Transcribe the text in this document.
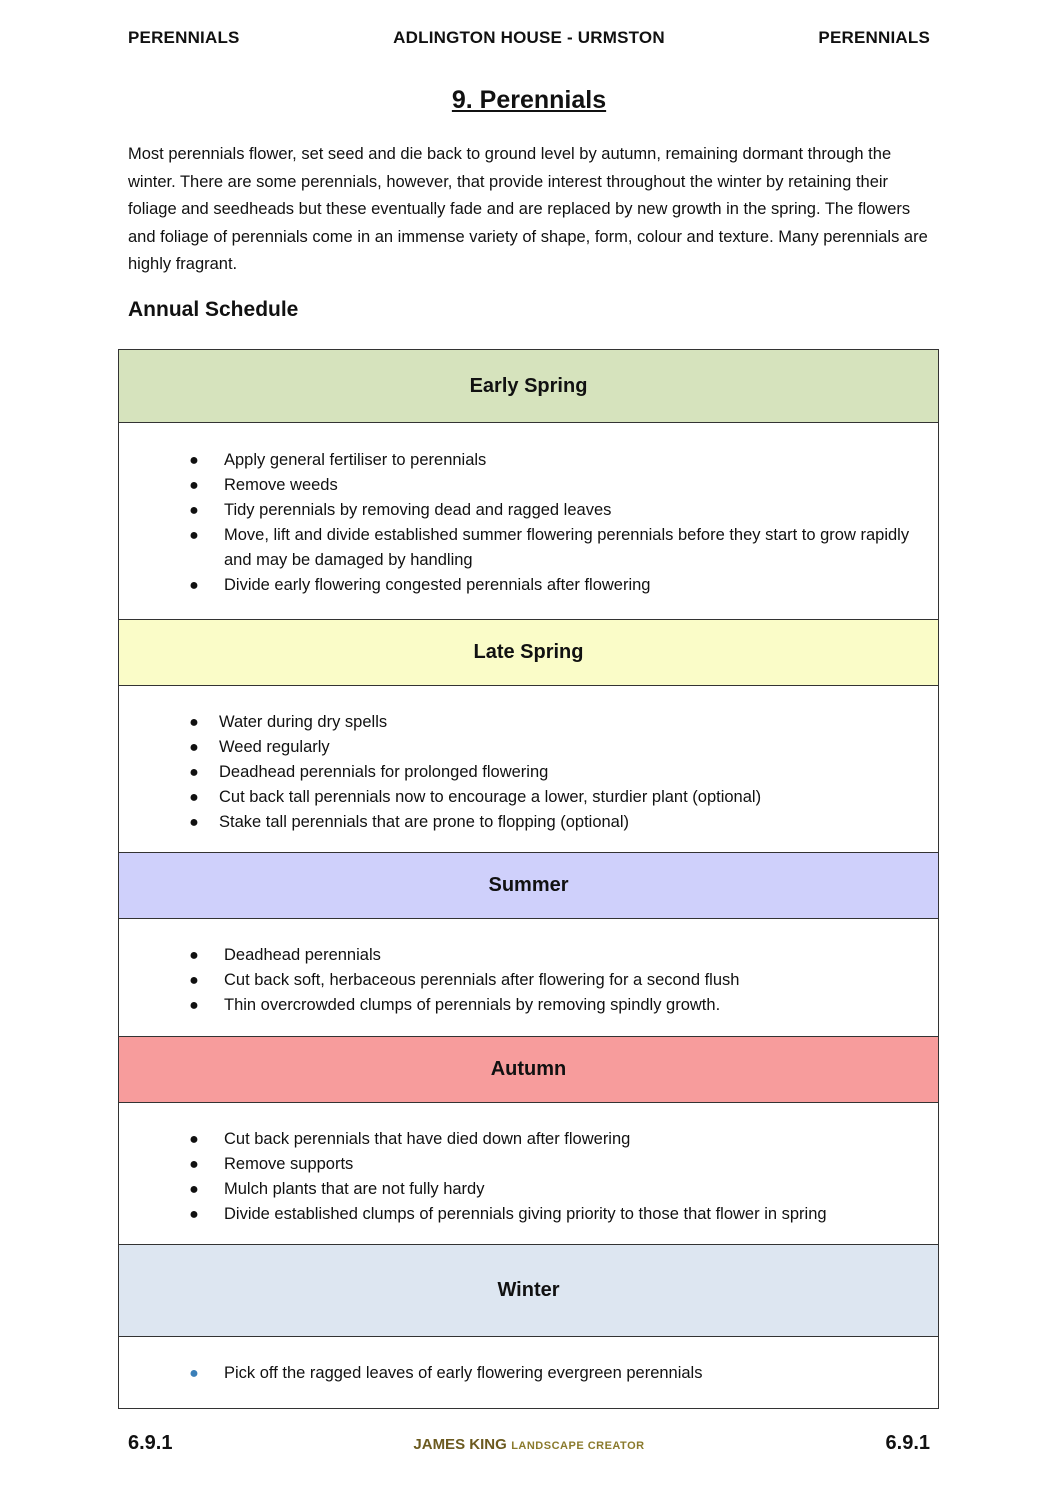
PERENNIALS	ADLINGTON HOUSE - URMSTON	PERENNIALS
9. Perennials
Most perennials flower, set seed and die back to ground level by autumn, remaining dormant through the winter. There are some perennials, however, that provide interest throughout the winter by retaining their foliage and seedheads but these eventually fade and are replaced by new growth in the spring. The flowers and foliage of perennials come in an immense variety of shape, form, colour and texture. Many perennials are highly fragrant.
Annual Schedule
Early Spring
● Apply general fertiliser to perennials
● Remove weeds
● Tidy perennials by removing dead and ragged leaves
● Move, lift and divide established summer flowering perennials before they start to grow rapidly and may be damaged by handling
● Divide early flowering congested perennials after flowering
Late Spring
● Water during dry spells
● Weed regularly
● Deadhead perennials for prolonged flowering
● Cut back tall perennials now to encourage a lower, sturdier plant (optional)
● Stake tall perennials that are prone to flopping (optional)
Summer
● Deadhead perennials
● Cut back soft, herbaceous perennials after flowering for a second flush
● Thin overcrowded clumps of perennials by removing spindly growth.
Autumn
● Cut back perennials that have died down after flowering
● Remove supports
● Mulch plants that are not fully hardy
● Divide established clumps of perennials giving priority to those that flower in spring
Winter
● Pick off the ragged leaves of early flowering evergreen perennials
6.9.1	JAMES KING LANDSCAPE CREATOR	6.9.1
